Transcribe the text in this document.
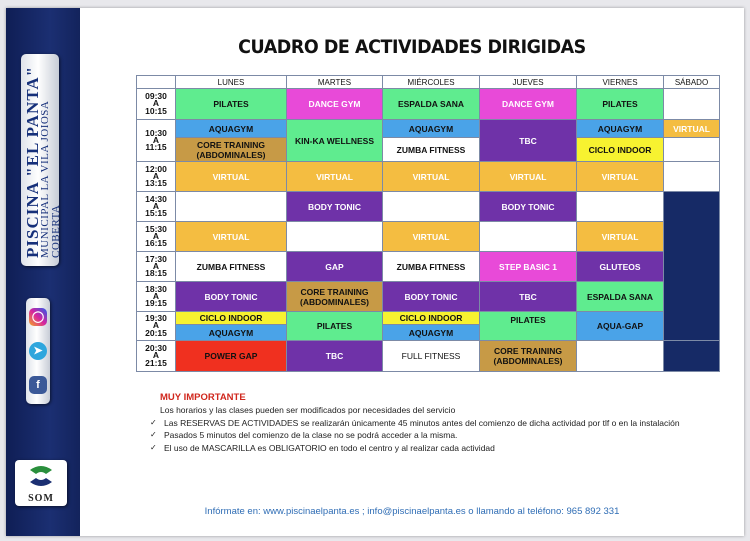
PISCINA "EL PANTA"
MUNICIPAL LA VILA JOIOSA COBERTA
◯
➤
f
SOM
CUADRO DE ACTIVIDADES DIRIGIDAS
	LUNES	MARTES	MIÉRCOLES	JUEVES	VIERNES	SÁBADO
09:30
A
10:15	PILATES	DANCE GYM	ESPALDA SANA	DANCE GYM	PILATES	
10:30
A
11:15	AQUAGYM	KIN-KA WELLNESS	AQUAGYM	TBC	AQUAGYM	VIRTUAL
	CORE TRAINING (ABDOMINALES)		ZUMBA FITNESS		CICLO INDOOR	
12:00
A
13:15	VIRTUAL	VIRTUAL	VIRTUAL	VIRTUAL	VIRTUAL	
14:30
A
15:15		BODY TONIC		BODY TONIC		
15:30
A
16:15	VIRTUAL		VIRTUAL		VIRTUAL	
17:30
A
18:15	ZUMBA FITNESS	GAP	ZUMBA FITNESS	STEP BASIC 1	GLUTEOS	
18:30
A
19:15	BODY TONIC	CORE TRAINING (ABDOMINALES)	BODY TONIC	TBC	ESPALDA SANA	
19:30
A
20:15	CICLO INDOOR	PILATES	CICLO INDOOR	PILATES	AQUA-GAP	
	AQUAGYM		AQUAGYM			
20:30
A
21:15	POWER GAP	TBC	FULL FITNESS	CORE TRAINING (ABDOMINALES)		
MUY IMPORTANTE
Los horarios y las clases pueden ser modificados por necesidades del servicio
✓ Las RESERVAS DE ACTIVIDADES se realizarán únicamente 45 minutos antes del comienzo de dicha actividad por tlf o en la instalación
✓ Pasados 5 minutos del comienzo de la clase no se podrá acceder a la misma.
✓ El uso de MASCARILLA es OBLIGATORIO en todo el centro y al realizar cada actividad
Infórmate en: www.piscinaelpanta.es ; info@piscinaelpanta.es o llamando al teléfono: 965 892 331
